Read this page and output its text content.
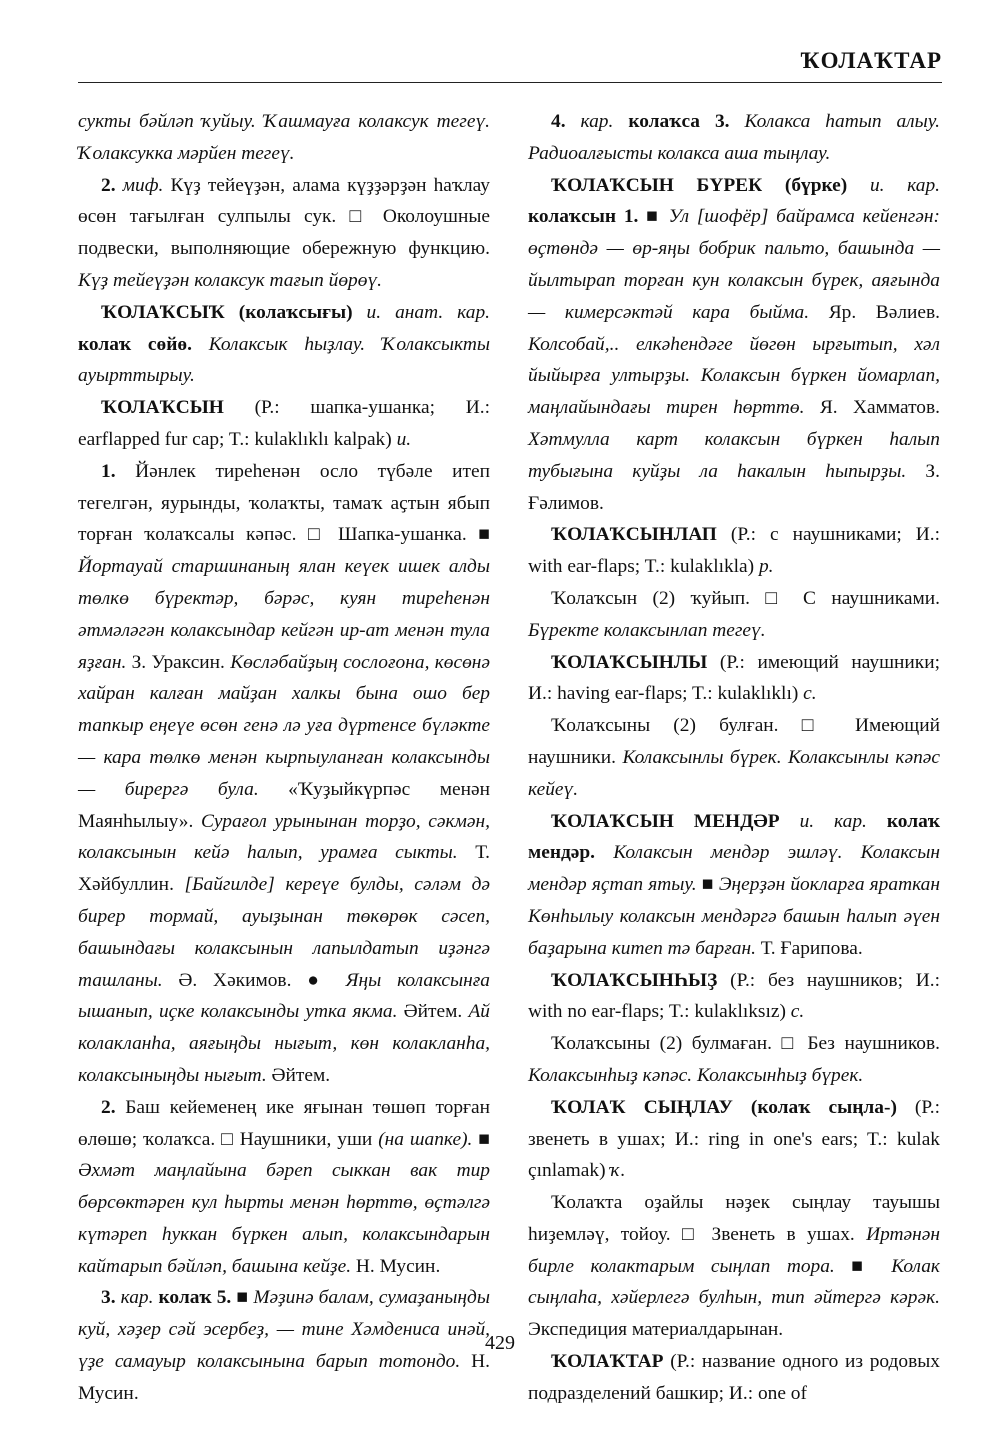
ҠОЛАҠТАР

сукты бәйләп ҡуйыу. Ҡашмауға колаксук тегеү. Ҡолаксукка мәрйен тегеү.

2. миф. Күҙ тейеүҙән, алама күҙҙәрҙән һаҡлау өсөн тағылған сулпылы сук. □ Околоушные подвески, выполняющие обережную функцию. Күҙ тейеүҙән колаксук тағып йөрөү.

ҠОЛАҠСЫҠ (колаҡсығы) и. анат. кар. колаҡ сөйө. Колаксык һыҙлау. Ҡолаксыкты ауырттырыу.

ҠОЛАҠСЫН (Р.: шапка-ушанка; И.: earflapped fur cap; T.: kulaklıklı kalpak) и.

1. Йәнлек тиреһенән осло түбәле итеп тегелгән, яурынды, ҡолаҡты, тамаҡ аҫтын ябып торған ҡолаҡсалы кәпәс. □ Шапка-ушанка. ■ Йортауай старшинаның ялан кеүек ишек алды төлкө бүректәр, бәрәс, куян тиреһенән әтмәләгән колаксындар кейгән ир-ат менән тула яҙған. З. Ураксин. Көсләбайҙың сослоғона, көсөнә хайран калған майҙан халкы бына ошо бер тапкыр еңеүе өсөн генә лә уға дүртенсе бүләкте — кара төлкө менән кырпыуланған колаксынды — бирергә була. «Ҡуҙыйкүрпәс менән Маянһылыу». Сурағол урынынан торҙо, сәкмән, колаксынын кейә һалып, урамға сыкты. Т. Хәйбуллин. [Байгилде] кереүе булды, сәләм дә бирер тормай, ауыҙынан төкөрөк сәсеп, башындағы колаксынын лапылдатып иҙәнгә ташланы. Ә. Хәкимов. ● Яңы колаксынға ышанып, иҫке колаксынды утка якма. Әйтем. Ай колакланһа, аяғыңды нығыт, көн колакланһа, колаксыныңды нығыт. Әйтем.

2. Баш кейеменең ике яғынан төшөп торған өлөшө; ҡолаҡса. □ Наушники, уши (на шапке). ■ Әхмәт маңлайына бәреп сыккан вак тир бөрсөктәрен кул һырты менән һөрттө, өҫтәлгә күтәреп һуккан бүркен алып, колаксындарын кайтарып бәйләп, башына кейҙе. Н. Мусин.

3. кар. колаҡ 5. ■ Мәҙинә балам, сумаҙаныңды куй, хәҙер сәй эсербеҙ, — тине Хәмдениса инәй, үҙе самауыр колаксынына барып тотондо. Н. Мусин.

4. кар. колаҡса 3. Колакса һатып алыу. Радиоалғысты колакса аша тыңлау.

ҠОЛАҠСЫН БҮРЕК (бүрке) и. кар. колаҡсын 1. ■ Ул [шофёр] байрамса кейенгән: өҫтөндә — өр-яңы бобрик пальто, башында — йылтырап торған кун колаксын бүрек, аяғында — кимерсәктәй кара быйма. Яр. Вәлиев. Колсобай,.. елкәһендәге йөгөн ырғытып, хәл йыйырға ултырҙы. Колаксын бүркен йомарлап, маңлайындағы тирен һөрттө. Я. Хамматов. Хәтмулла карт колаксын бүркен һалып тубығына куйҙы ла һакалын һыпырҙы. З. Ғәлимов.

ҠОЛАҠСЫНЛАП (Р.: с наушниками; И.: with ear-flaps; T.: kulaklıkla) р.

Ҡолаҡсын (2) ҡуйып. □ С наушниками. Бүректе колаксынлап тегеү.

ҠОЛАҠСЫНЛЫ (Р.: имеющий наушники; И.: having ear-flaps; T.: kulaklıklı) с.

Ҡолаҡсыны (2) булған. □ Имеющий наушники. Колаксынлы бүрек. Колаксынлы кәпәс кейеү.

ҠОЛАҠСЫН МЕНДӘР и. кар. колаҡ мендәр. Колаксын мендәр эшләү. Колаксын мендәр яҫтап ятыу. ■ Эңерҙән йокларға яраткан Көнһылыу колаксын мендәргә башын һалып әүен баҙарына китеп тә барған. Т. Ғарипова.

ҠОЛАҠСЫНҺЫҘ (Р.: без наушников; И.: with no ear-flaps; T.: kulaklıksız) с.

Ҡолаҡсыны (2) булмаған. □ Без наушников. Колаксынһыҙ кәпәс. Колаксынһыҙ бүрек.

ҠОЛАҠ СЫҢЛАУ (колаҡ сыңла-) (Р.: звенеть в ушах; И.: ring in one's ears; T.: kulak çınlamak) ҡ.

Ҡолаҡта оҙайлы нәҙек сыңлау тауышы һиҙемләү, тойоу. □ Звенеть в ушах. Иртәнән бирле колактарым сыңлап тора. ■ Колак сыңлаһа, хәйерлегә булһын, тип әйтергә кәрәк. Экспедиция материалдарынан.

ҠОЛАҠТАР (Р.: название одного из родовых подразделений башкир; И.: one of

429
